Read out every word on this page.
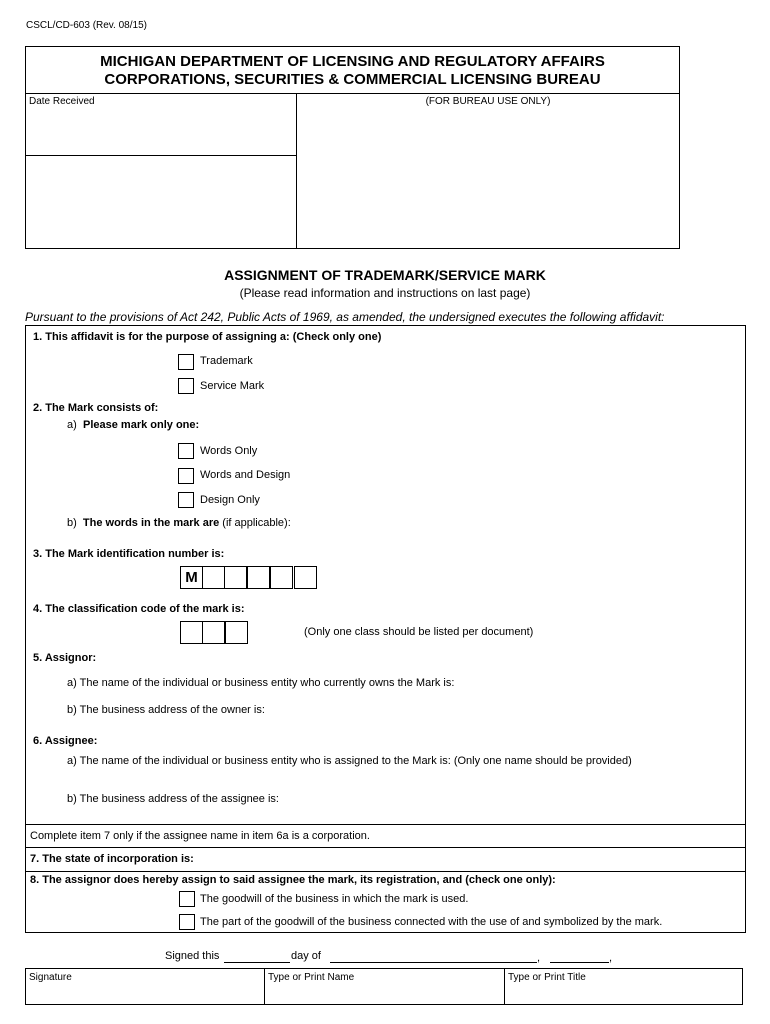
CSCL/CD-603 (Rev. 08/15)
MICHIGAN DEPARTMENT OF LICENSING AND REGULATORY AFFAIRS
CORPORATIONS, SECURITIES & COMMERCIAL LICENSING BUREAU
Date Received	(FOR BUREAU USE ONLY)
ASSIGNMENT OF TRADEMARK/SERVICE MARK
(Please read information and instructions on last page)
Pursuant to the provisions of Act 242, Public Acts of 1969, as amended, the undersigned executes the following affidavit:
1. This affidavit is for the purpose of assigning a: (Check only one)
Trademark
Service Mark
2. The Mark consists of:
a) Please mark only one:
Words Only
Words and Design
Design Only
b) The words in the mark are (if applicable):
3. The Mark identification number is:
M
4. The classification code of the mark is:
(Only one class should be listed per document)
5. Assignor:
a) The name of the individual or business entity who currently owns the Mark is:
b) The business address of the owner is:
6. Assignee:
a) The name of the individual or business entity who is assigned to the Mark is: (Only one name should be provided)
b) The business address of the assignee is:
Complete item 7 only if the assignee name in item 6a is a corporation.
7. The state of incorporation is:
8. The assignor does hereby assign to said assignee the mark, its registration, and (check one only):
The goodwill of the business in which the mark is used.
The part of the goodwill of the business connected with the use of and symbolized by the mark.
Signed this	day of	,	,
Signature	Type or Print Name	Type or Print Title
